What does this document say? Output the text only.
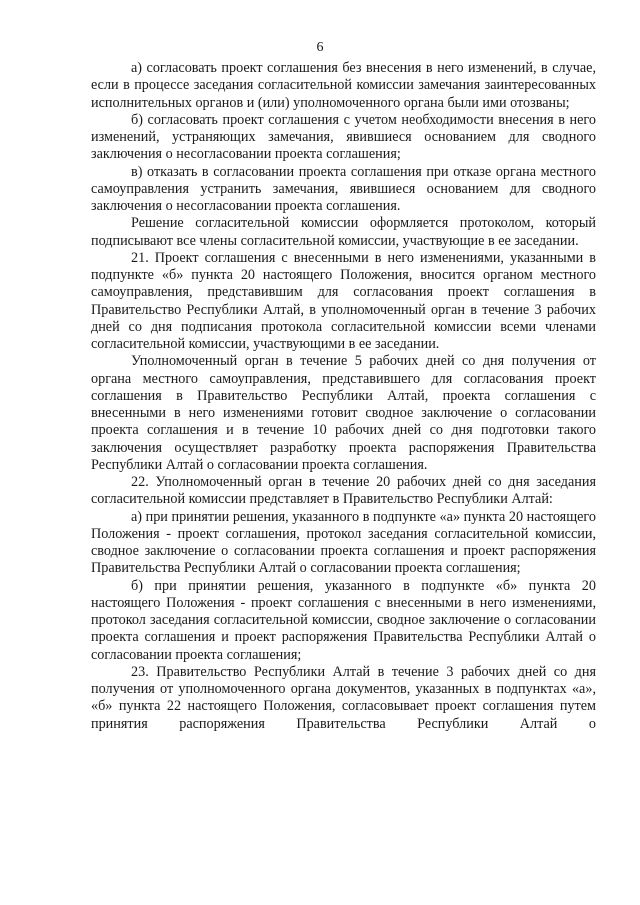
6

а) согласовать проект соглашения без внесения в него изменений, в случае, если в процессе заседания согласительной комиссии замечания заинтересованных исполнительных органов и (или) уполномоченного органа были ими отозваны;

б) согласовать проект соглашения с учетом необходимости внесения в него изменений, устраняющих замечания, явившиеся основанием для сводного заключения о несогласовании проекта соглашения;

в) отказать в согласовании проекта соглашения при отказе органа местного самоуправления устранить замечания, явившиеся основанием для сводного заключения о несогласовании проекта соглашения.

Решение согласительной комиссии оформляется протоколом, который подписывают все члены согласительной комиссии, участвующие в ее заседании.

21. Проект соглашения с внесенными в него изменениями, указанными в подпункте «б» пункта 20 настоящего Положения, вносится органом местного самоуправления, представившим для согласования проект соглашения в Правительство Республики Алтай, в уполномоченный орган в течение 3 рабочих дней со дня подписания протокола согласительной комиссии всеми членами согласительной комиссии, участвующими в ее заседании.

Уполномоченный орган в течение 5 рабочих дней со дня получения от органа местного самоуправления, представившего для согласования проект соглашения в Правительство Республики Алтай, проекта соглашения с внесенными в него изменениями готовит сводное заключение о согласовании проекта соглашения и в течение 10 рабочих дней со дня подготовки такого заключения осуществляет разработку проекта распоряжения Правительства Республики Алтай о согласовании проекта соглашения.

22. Уполномоченный орган в течение 20 рабочих дней со дня заседания согласительной комиссии представляет в Правительство Республики Алтай:

а) при принятии решения, указанного в подпункте «а» пункта 20 настоящего Положения - проект соглашения, протокол заседания согласительной комиссии, сводное заключение о согласовании проекта соглашения и проект распоряжения Правительства Республики Алтай о согласовании проекта соглашения;

б) при принятии решения, указанного в подпункте «б» пункта 20 настоящего Положения - проект соглашения с внесенными в него изменениями, протокол заседания согласительной комиссии, сводное заключение о согласовании проекта соглашения и проект распоряжения Правительства Республики Алтай о согласовании проекта соглашения;

23. Правительство Республики Алтай в течение 3 рабочих дней со дня получения от уполномоченного органа документов, указанных в подпунктах «а», «б» пункта 22 настоящего Положения, согласовывает проект соглашения путем принятия распоряжения Правительства Республики Алтай о
